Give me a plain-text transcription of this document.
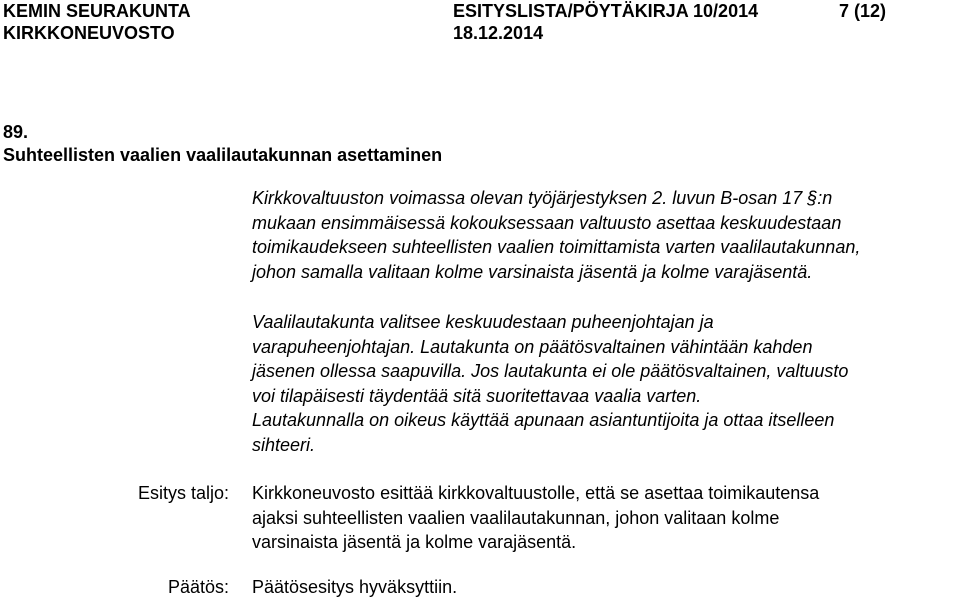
KEMIN SEURAKUNTA
KIRKKONEUVOSTO
ESITYSLISTA/PÖYTÄKIRJA 10/2014
18.12.2014
7 (12)
89.
Suhteellisten vaalien vaalilautakunnan asettaminen
Kirkkovaltuuston voimassa olevan työjärjestyksen 2. luvun B-osan 17 §:n
mukaan ensimmäisessä kokouksessaan valtuusto asettaa keskuudestaan
toimikaudekseen suhteellisten vaalien toimittamista varten vaalilautakunnan,
johon samalla valitaan kolme varsinaista jäsentä ja kolme varajäsentä.
Vaalilautakunta valitsee keskuudestaan puheenjohtajan ja
varapuheenjohtajan. Lautakunta on päätösvaltainen vähintään kahden
jäsenen ollessa saapuvilla. Jos lautakunta ei ole päätösvaltainen, valtuusto
voi tilapäisesti täydentää sitä suoritettavaa vaalia varten.
Lautakunnalla on oikeus käyttää apunaan asiantuntijoita ja ottaa itselleen
sihteeri.
Esitys taljo: Kirkkoneuvosto esittää kirkkovaltuustolle, että se asettaa toimikautensa
ajaksi suhteellisten vaalien vaalilautakunnan, johon valitaan kolme
varsinaista jäsentä ja kolme varajäsentä.
Päätös: Päätösesitys hyväksyttiin.
